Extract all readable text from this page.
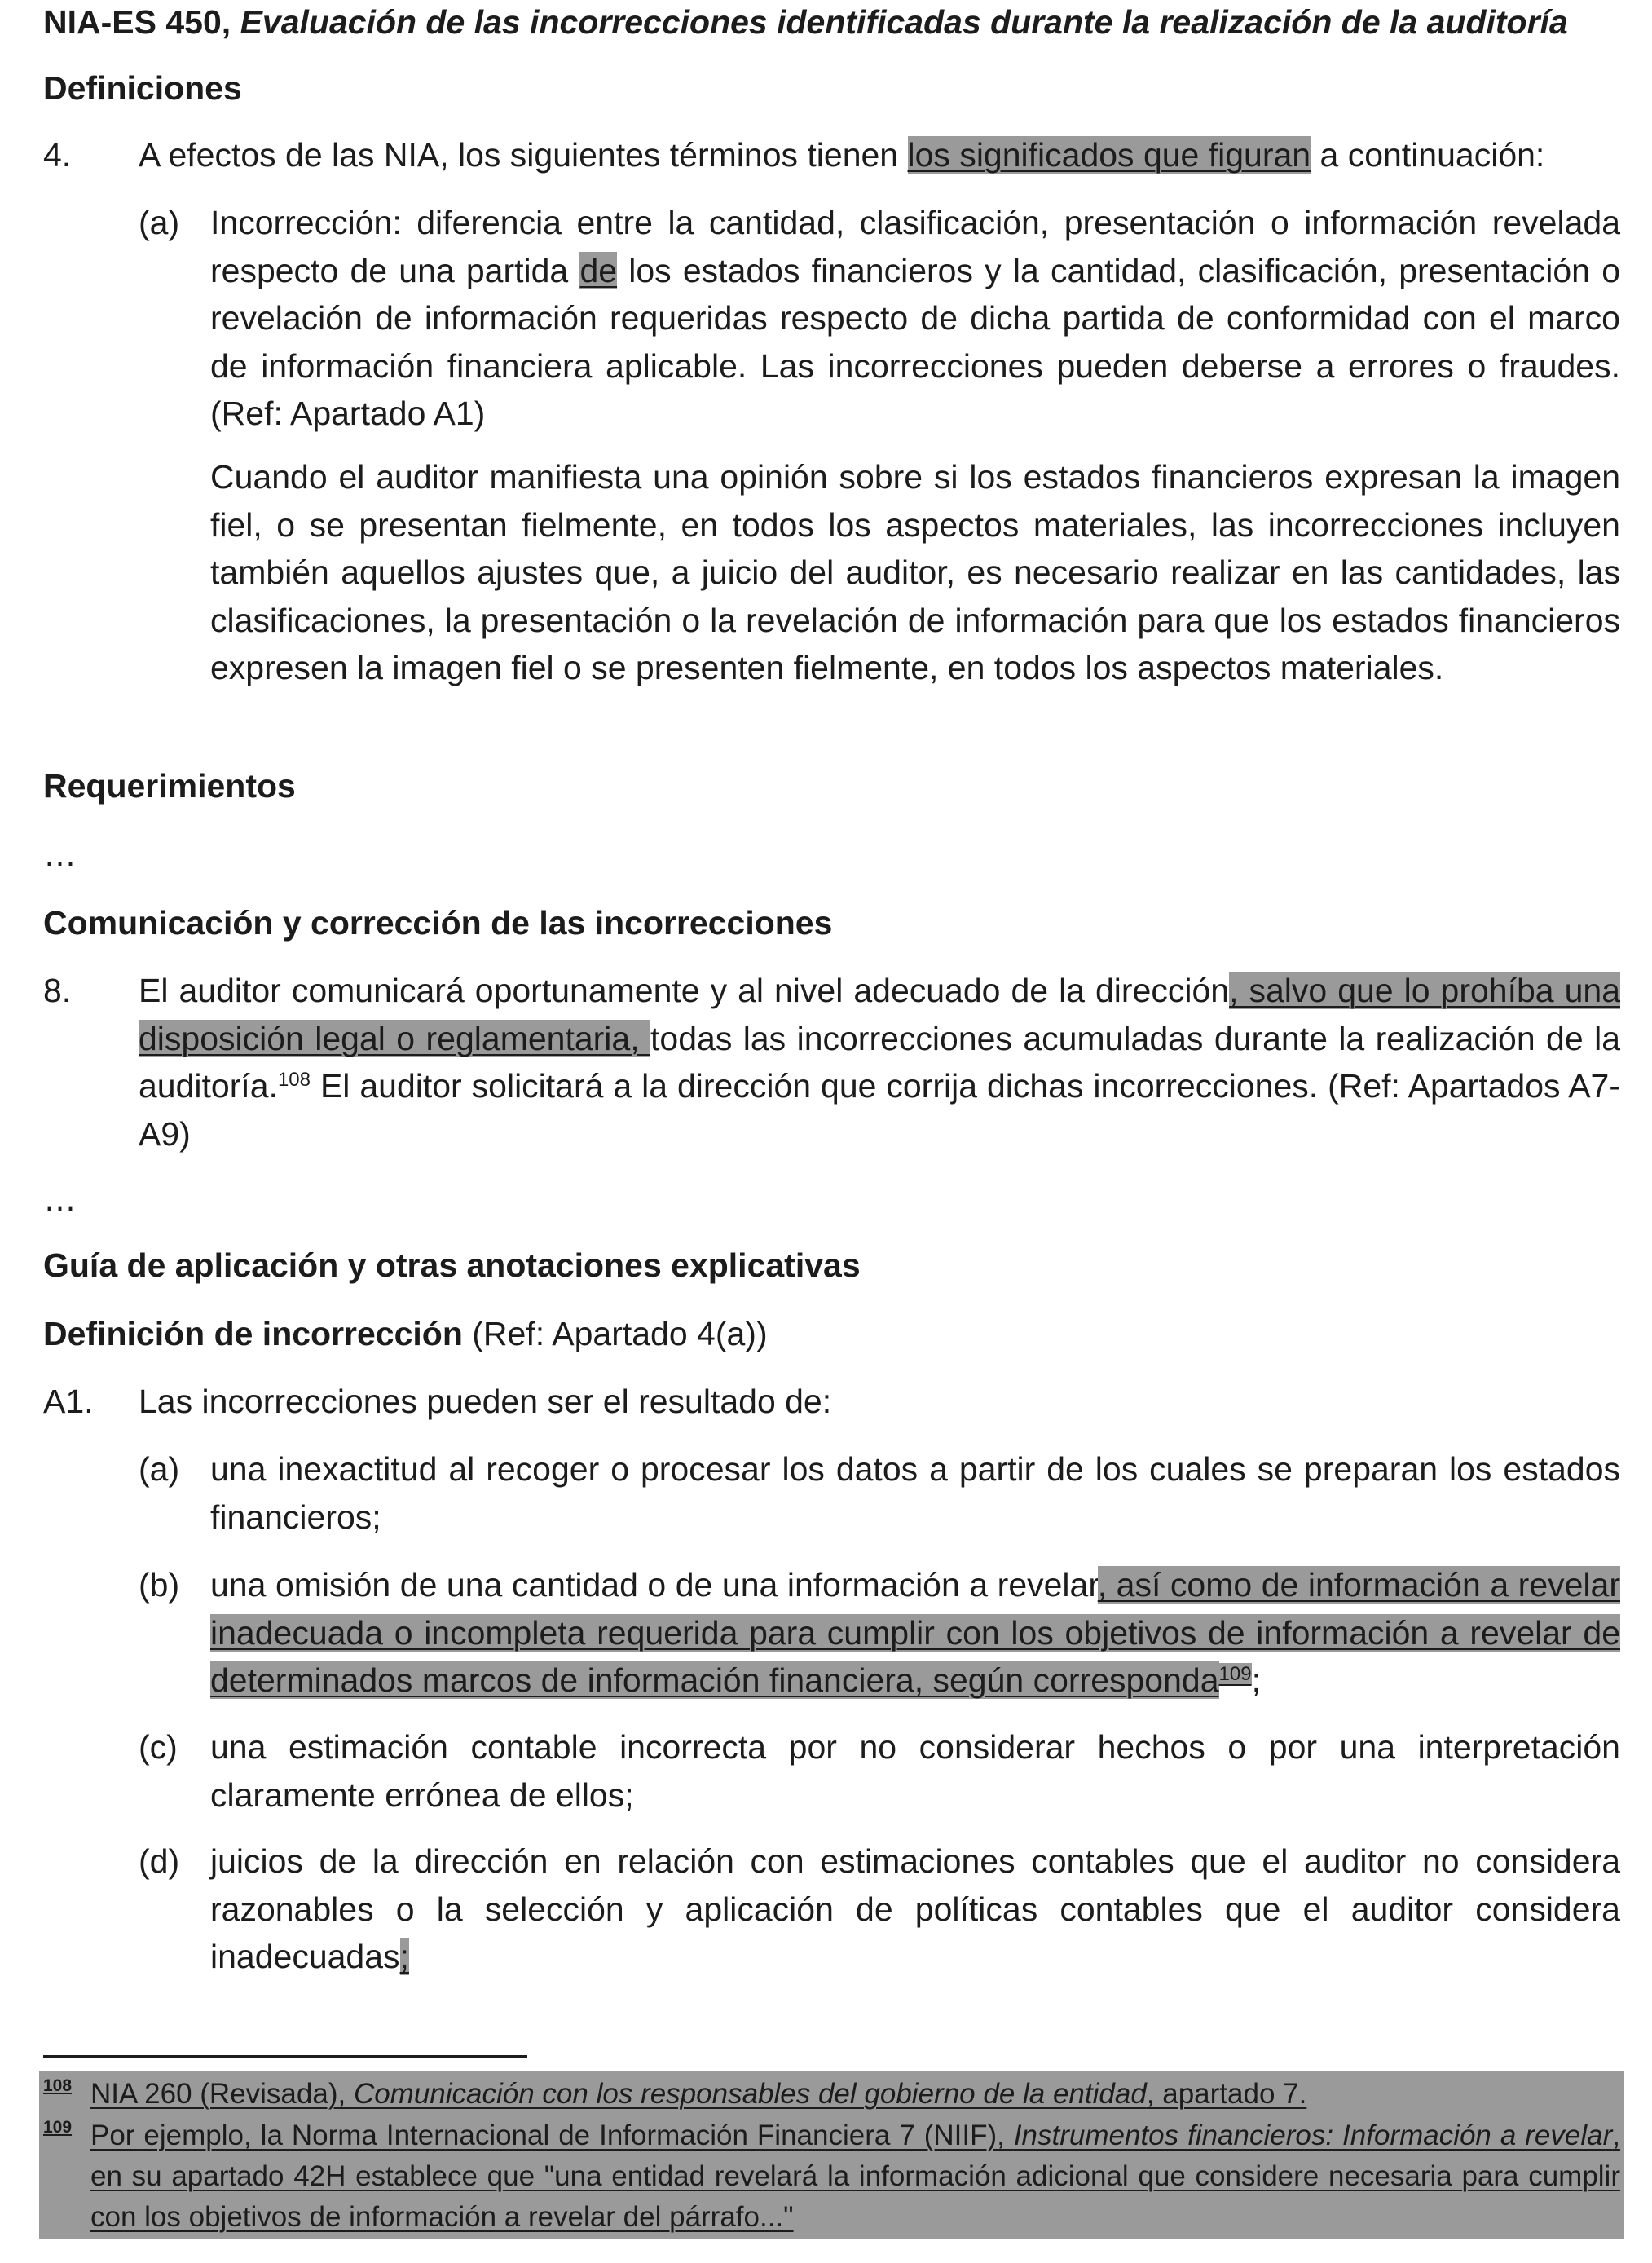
NIA-ES 450, Evaluación de las incorrecciones identificadas durante la realización de la auditoría

Definiciones

4. A efectos de las NIA, los siguientes términos tienen los significados que figuran a continuación:
(a) Incorrección: diferencia entre la cantidad, clasificación, presentación o información revelada respecto de una partida de los estados financieros y la cantidad, clasificación, presentación o revelación de información requeridas respecto de dicha partida de conformidad con el marco de información financiera aplicable. Las incorrecciones pueden deberse a errores o fraudes. (Ref: Apartado A1)
Cuando el auditor manifiesta una opinión sobre si los estados financieros expresan la imagen fiel, o se presentan fielmente, en todos los aspectos materiales, las incorrecciones incluyen también aquellos ajustes que, a juicio del auditor, es necesario realizar en las cantidades, las clasificaciones, la presentación o la revelación de información para que los estados financieros expresen la imagen fiel o se presenten fielmente, en todos los aspectos materiales.

Requerimientos

…

Comunicación y corrección de las incorrecciones

8. El auditor comunicará oportunamente y al nivel adecuado de la dirección, salvo que lo prohíba una disposición legal o reglamentaria, todas las incorrecciones acumuladas durante la realización de la auditoría.$^{108}$ El auditor solicitará a la dirección que corrija dichas incorrecciones. (Ref: Apartados A7-A9)

…

Guía de aplicación y otras anotaciones explicativas

Definición de incorrección (Ref: Apartado 4(a))

A1. Las incorrecciones pueden ser el resultado de:
(a) una inexactitud al recoger o procesar los datos a partir de los cuales se preparan los estados financieros;
(b) una omisión de una cantidad o de una información a revelar, así como de información a revelar inadecuada o incompleta requerida para cumplir con los objetivos de información a revelar de determinados marcos de información financiera, según corresponda$^{109}$;
(c) una estimación contable incorrecta por no considerar hechos o por una interpretación claramente errónea de ellos;
(d) juicios de la dirección en relación con estimaciones contables que el auditor no considera razonables o la selección y aplicación de políticas contables que el auditor considera inadecuadas;
108 NIA 260 (Revisada), Comunicación con los responsables del gobierno de la entidad, apartado 7.
109 Por ejemplo, la Norma Internacional de Información Financiera 7 (NIIF), Instrumentos financieros: Información a revelar, en su apartado 42H establece que "una entidad revelará la información adicional que considere necesaria para cumplir con los objetivos de información a revelar del párrafo..."
